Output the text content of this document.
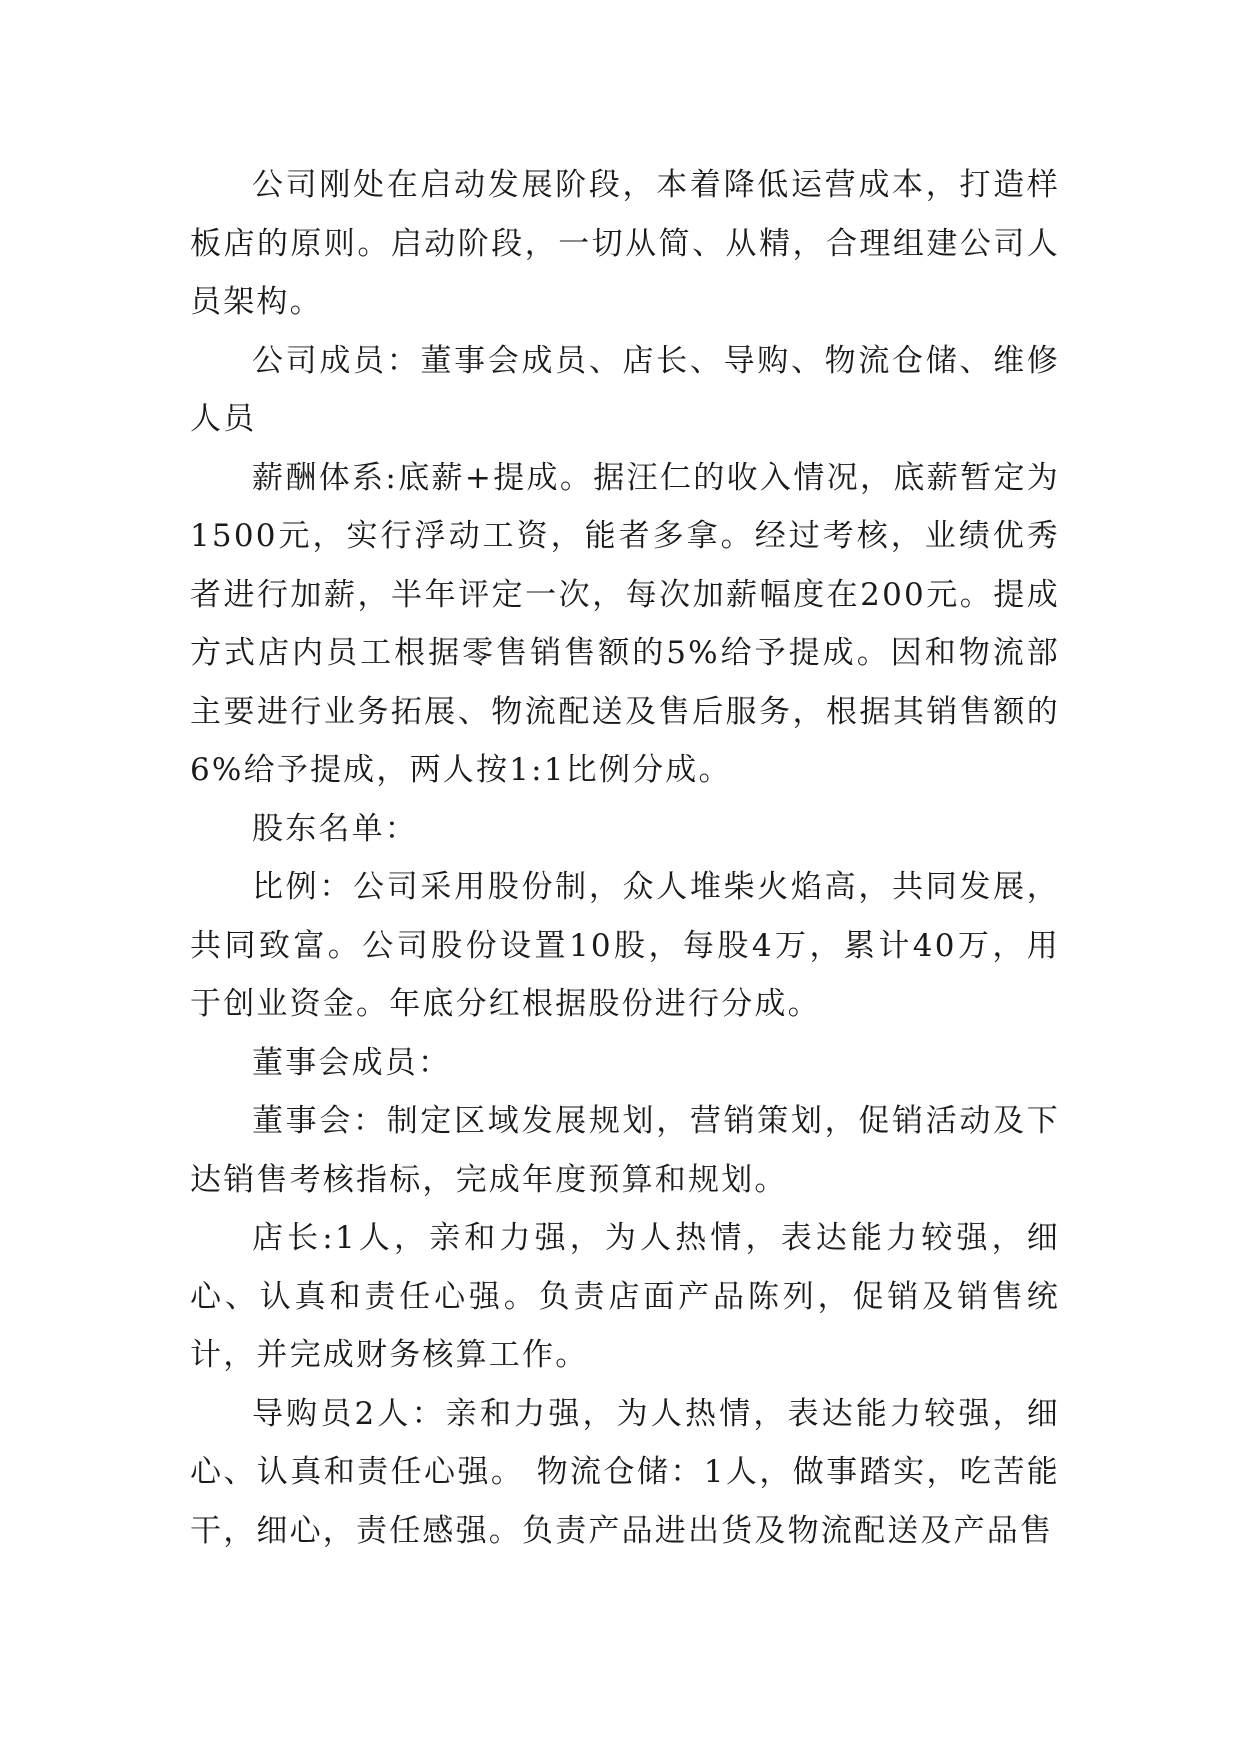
公司刚处在启动发展阶段，本着降低运营成本，打造样板店的原则。启动阶段，一切从简、从精，合理组建公司人员架构。

公司成员：董事会成员、店长、导购、物流仓储、维修人员

薪酬体系:底薪+提成。据汪仁的收入情况，底薪暂定为1500元，实行浮动工资，能者多拿。经过考核，业绩优秀者进行加薪，半年评定一次，每次加薪幅度在200元。提成方式店内员工根据零售销售额的5%给予提成。因和物流部主要进行业务拓展、物流配送及售后服务，根据其销售额的6%给予提成，两人按1:1比例分成。

股东名单：

比例：公司采用股份制，众人堆柴火焰高，共同发展，共同致富。公司股份设置10股，每股4万，累计40万，用于创业资金。年底分红根据股份进行分成。

董事会成员：

董事会：制定区域发展规划，营销策划，促销活动及下达销售考核指标，完成年度预算和规划。

店长:1人，亲和力强，为人热情，表达能力较强，细心、认真和责任心强。负责店面产品陈列，促销及销售统计，并完成财务核算工作。

导购员2人：亲和力强，为人热情，表达能力较强，细心、认真和责任心强。 物流仓储：1人，做事踏实，吃苦能干，细心，责任感强。负责产品进出货及物流配送及产品售
